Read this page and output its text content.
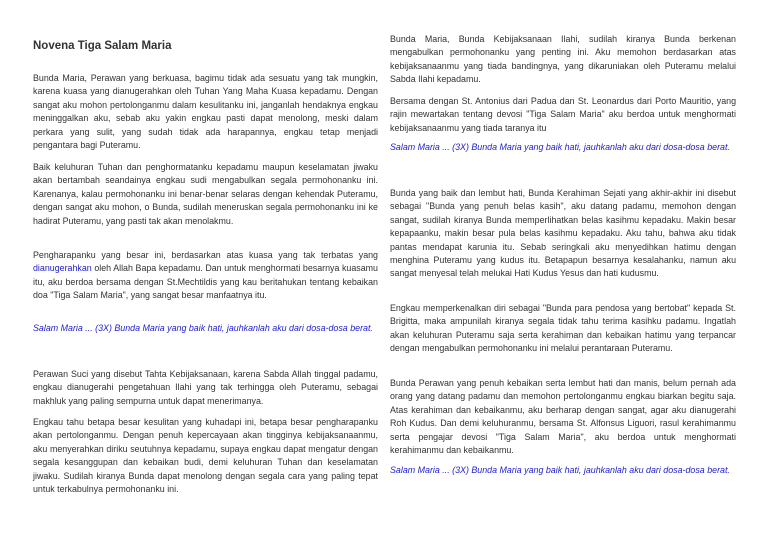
Novena Tiga Salam Maria

Bunda Maria, Perawan yang berkuasa, bagimu tidak ada sesuatu yang tak mungkin, karena kuasa yang dianugerahkan oleh Tuhan Yang Maha Kuasa kepadamu. Dengan sangat aku mohon pertolonganmu dalam kesulitanku ini, janganlah hendaknya engkau meninggalkan aku, sebab aku yakin engkau pasti dapat menolong, meski dalam perkara yang sulit, yang sudah tidak ada harapannya, engkau tetap menjadi pengantara bagi Puteramu.

Baik keluhuran Tuhan dan penghormatanku kepadamu maupun keselamatan jiwaku akan bertambah seandainya engkau sudi mengabulkan segala permohonanku ini. Karenanya, kalau permohonanku ini benar-benar selaras dengan kehendak Puteramu, dengan sangat aku mohon, o Bunda, sudilah meneruskan segala permohonanku ini ke hadirat Puteramu, yang pasti tak akan menolakmu.

Pengharapanku yang besar ini, berdasarkan atas kuasa yang tak terbatas yang dianugerahkan oleh Allah Bapa kepadamu. Dan untuk menghormati besarnya kuasamu itu, aku berdoa bersama dengan St.Mechtildis yang kau beritahukan tentang kebaikan doa "Tiga Salam Maria", yang sangat besar manfaatnya itu.

Salam Maria ... (3X) Bunda Maria yang baik hati, jauhkanlah aku dari dosa-dosa berat.

Perawan Suci yang disebut Tahta Kebijaksanaan, karena Sabda Allah tinggal padamu, engkau dianugerahi pengetahuan Ilahi yang tak terhingga oleh Puteramu, sebagai makhluk yang paling sempurna untuk dapat menerimanya.

Engkau tahu betapa besar kesulitan yang kuhadapi ini, betapa besar pengharapanku akan pertolonganmu. Dengan penuh kepercayaan akan tingginya kebijaksanaanmu, aku menyerahkan diriku seutuhnya kepadamu, supaya engkau dapat mengatur dengan segala kesanggupan dan kebaikan budi, demi keluhuran Tuhan dan keselamatan jiwaku. Sudilah kiranya Bunda dapat menolong dengan segala cara yang paling tepat untuk terkabulnya permohonanku ini.

Bunda Maria, Bunda Kebijaksanaan Ilahi, sudilah kiranya Bunda berkenan mengabulkan permohonanku yang penting ini. Aku memohon berdasarkan atas kebijaksanaanmu yang tiada bandingnya, yang dikaruniakan oleh Puteramu melalui Sabda Ilahi kepadamu.

Bersama dengan St. Antonius dari Padua dan St. Leonardus dari Porto Mauritio, yang rajin mewartakan tentang devosi "Tiga Salam Maria" aku berdoa untuk menghormati kebijaksanaanmu yang tiada taranya itu

Salam Maria ... (3X) Bunda Maria yang baik hati, jauhkanlah aku dari dosa-dosa berat.

Bunda yang baik dan lembut hati, Bunda Kerahiman Sejati yang akhir-akhir ini disebut sebagai "Bunda yang penuh belas kasih", aku datang padamu, memohon dengan sangat, sudilah kiranya Bunda memperlihatkan belas kasihmu kepadaku. Makin besar kepapaanku, makin besar pula belas kasihmu kepadaku. Aku tahu, bahwa aku tidak pantas mendapat karunia itu. Sebab seringkali aku menyedihkan hatimu dengan menghina Puteramu yang kudus itu. Betapapun besarnya kesalahanku, namun aku sangat menyesal telah melukai Hati Kudus Yesus dan hati kudusmu.

Engkau memperkenalkan diri sebagai "Bunda para pendosa yang bertobat" kepada St. Brigitta, maka ampunilah kiranya segala tidak tahu terima kasihku padamu. Ingatlah akan keluhuran Puteramu saja serta kerahiman dan kebaikan hatimu yang terpancar dengan mengabulkan permohonanku ini melalui perantaraan Puteramu.

Bunda Perawan yang penuh kebaikan serta lembut hati dan manis, belum pernah ada orang yang datang padamu dan memohon pertolonganmu engkau biarkan begitu saja. Atas kerahiman dan kebaikanmu, aku berharap dengan sangat, agar aku dianugerahi Roh Kudus. Dan demi keluhuranmu, bersama St. Alfonsus Liguori, rasul kerahimanmu serta pengajar devosi "Tiga Salam Maria", aku berdoa untuk menghormati kerahimanmu dan kebaikanmu.

Salam Maria ... (3X) Bunda Maria yang baik hati, jauhkanlah aku dari dosa-dosa berat.
